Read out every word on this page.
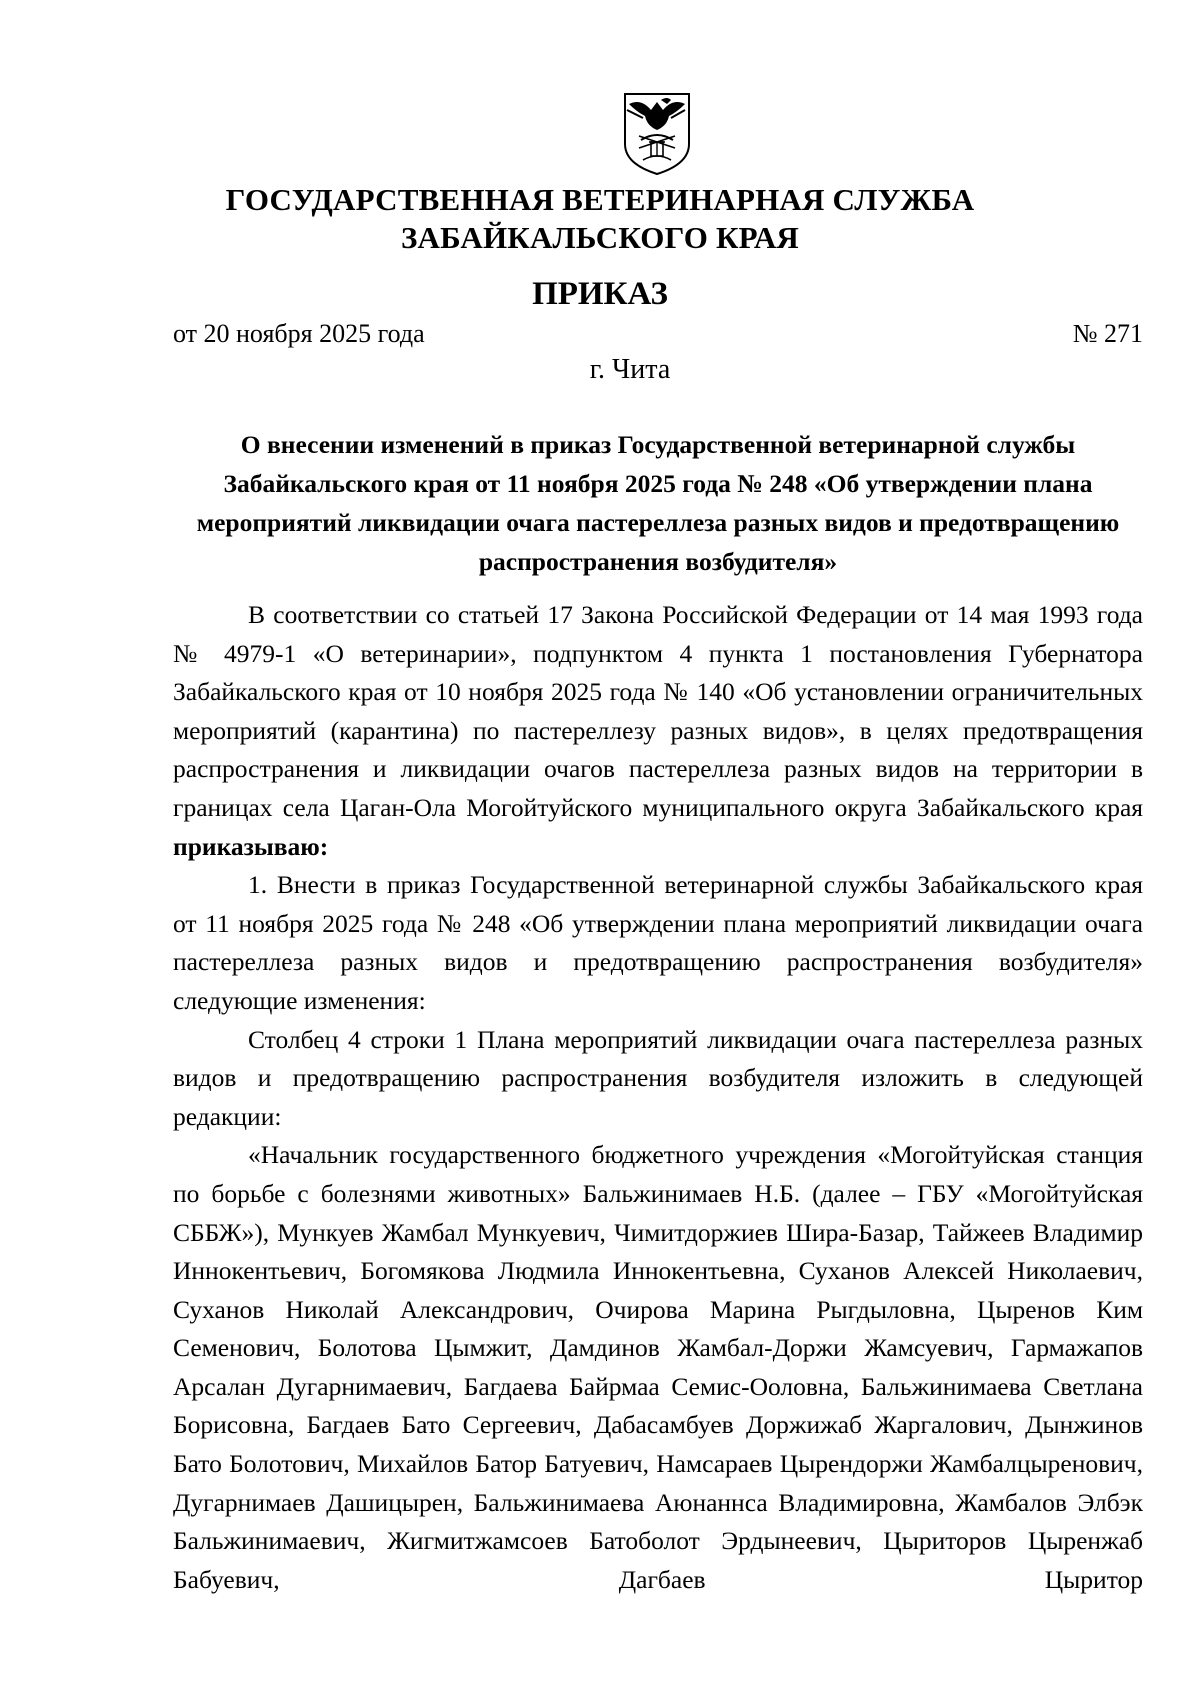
ГОСУДАРСТВЕННАЯ ВЕТЕРИНАРНАЯ СЛУЖБА
ЗАБАЙКАЛЬСКОГО КРАЯ
ПРИКАЗ
от 20 ноября 2025 года	№ 271
г. Чита
О внесении изменений в приказ Государственной ветеринарной службы Забайкальского края от 11 ноября 2025 года № 248 «Об утверждении плана мероприятий ликвидации очага пастереллеза разных видов и предотвращению распространения возбудителя»

В соответствии со статьей 17 Закона Российской Федерации от 14 мая 1993 года № 4979-1 «О ветеринарии», подпунктом 4 пункта 1 постановления Губернатора Забайкальского края от 10 ноября 2025 года № 140 «Об установлении ограничительных мероприятий (карантина) по пастереллезу разных видов», в целях предотвращения распространения и ликвидации очагов пастереллеза разных видов на территории в границах села Цаган-Ола Могойтуйского муниципального округа Забайкальского края приказываю:

1. Внести в приказ Государственной ветеринарной службы Забайкальского края от 11 ноября 2025 года № 248 «Об утверждении плана мероприятий ликвидации очага пастереллеза разных видов и предотвращению распространения возбудителя» следующие изменения:

Столбец 4 строки 1 Плана мероприятий ликвидации очага пастереллеза разных видов и предотвращению распространения возбудителя изложить в следующей редакции:

«Начальник государственного бюджетного учреждения «Могойтуйская станция по борьбе с болезнями животных» Бальжинимаев Н.Б. (далее – ГБУ «Могойтуйская СББЖ»), Мункуев Жамбал Мункуевич, Чимитдоржиев Шира-Базар, Тайжеев Владимир Иннокентьевич, Богомякова Людмила Иннокентьевна, Суханов Алексей Николаевич, Суханов Николай Александрович, Очирова Марина Рыгдыловна, Цыренов Ким Семенович, Болотова Цымжит, Дамдинов Жамбал-Доржи Жамсуевич, Гармажапов Арсалан Дугарнимаевич, Багдаева Байрмаа Семис-Ооловна, Бальжинимаева Светлана Борисовна, Багдаев Бато Сергеевич, Дабасамбуев Доржижаб Жаргалович, Дынжинов Бато Болотович, Михайлов Батор Батуевич, Намсараев Цырендоржи Жамбалцыренович, Дугарнимаев Дашицырен, Бальжинимаева Аюнаннса Владимировна, Жамбалов Элбэк Бальжинимаевич, Жигмитжамсоев Батоболот Эрдынеевич, Цыриторов Цыренжаб Бабуевич, Дагбаев Цыритор
